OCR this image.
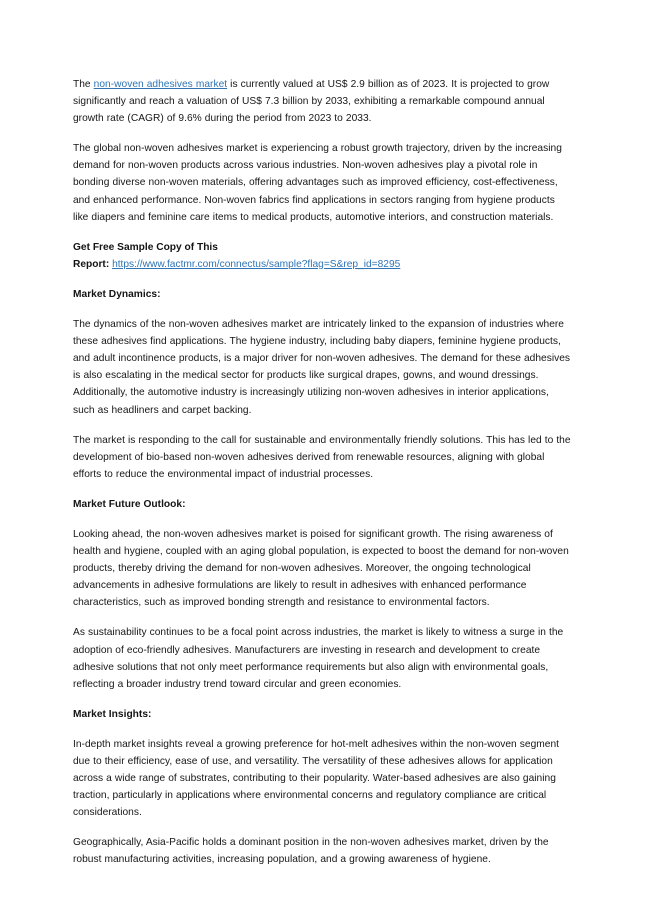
The non-woven adhesives market is currently valued at US$ 2.9 billion as of 2023. It is projected to grow significantly and reach a valuation of US$ 7.3 billion by 2033, exhibiting a remarkable compound annual growth rate (CAGR) of 9.6% during the period from 2023 to 2033.

The global non-woven adhesives market is experiencing a robust growth trajectory, driven by the increasing demand for non-woven products across various industries. Non-woven adhesives play a pivotal role in bonding diverse non-woven materials, offering advantages such as improved efficiency, cost-effectiveness, and enhanced performance. Non-woven fabrics find applications in sectors ranging from hygiene products like diapers and feminine care items to medical products, automotive interiors, and construction materials.

Get Free Sample Copy of This
Report: https://www.factmr.com/connectus/sample?flag=S&rep_id=8295

Market Dynamics:

The dynamics of the non-woven adhesives market are intricately linked to the expansion of industries where these adhesives find applications. The hygiene industry, including baby diapers, feminine hygiene products, and adult incontinence products, is a major driver for non-woven adhesives. The demand for these adhesives is also escalating in the medical sector for products like surgical drapes, gowns, and wound dressings. Additionally, the automotive industry is increasingly utilizing non-woven adhesives in interior applications, such as headliners and carpet backing.

The market is responding to the call for sustainable and environmentally friendly solutions. This has led to the development of bio-based non-woven adhesives derived from renewable resources, aligning with global efforts to reduce the environmental impact of industrial processes.

Market Future Outlook:

Looking ahead, the non-woven adhesives market is poised for significant growth. The rising awareness of health and hygiene, coupled with an aging global population, is expected to boost the demand for non-woven products, thereby driving the demand for non-woven adhesives. Moreover, the ongoing technological advancements in adhesive formulations are likely to result in adhesives with enhanced performance characteristics, such as improved bonding strength and resistance to environmental factors.

As sustainability continues to be a focal point across industries, the market is likely to witness a surge in the adoption of eco-friendly adhesives. Manufacturers are investing in research and development to create adhesive solutions that not only meet performance requirements but also align with environmental goals, reflecting a broader industry trend toward circular and green economies.

Market Insights:

In-depth market insights reveal a growing preference for hot-melt adhesives within the non-woven segment due to their efficiency, ease of use, and versatility. The versatility of these adhesives allows for application across a wide range of substrates, contributing to their popularity. Water-based adhesives are also gaining traction, particularly in applications where environmental concerns and regulatory compliance are critical considerations.

Geographically, Asia-Pacific holds a dominant position in the non-woven adhesives market, driven by the robust manufacturing activities, increasing population, and a growing awareness of hygiene.
